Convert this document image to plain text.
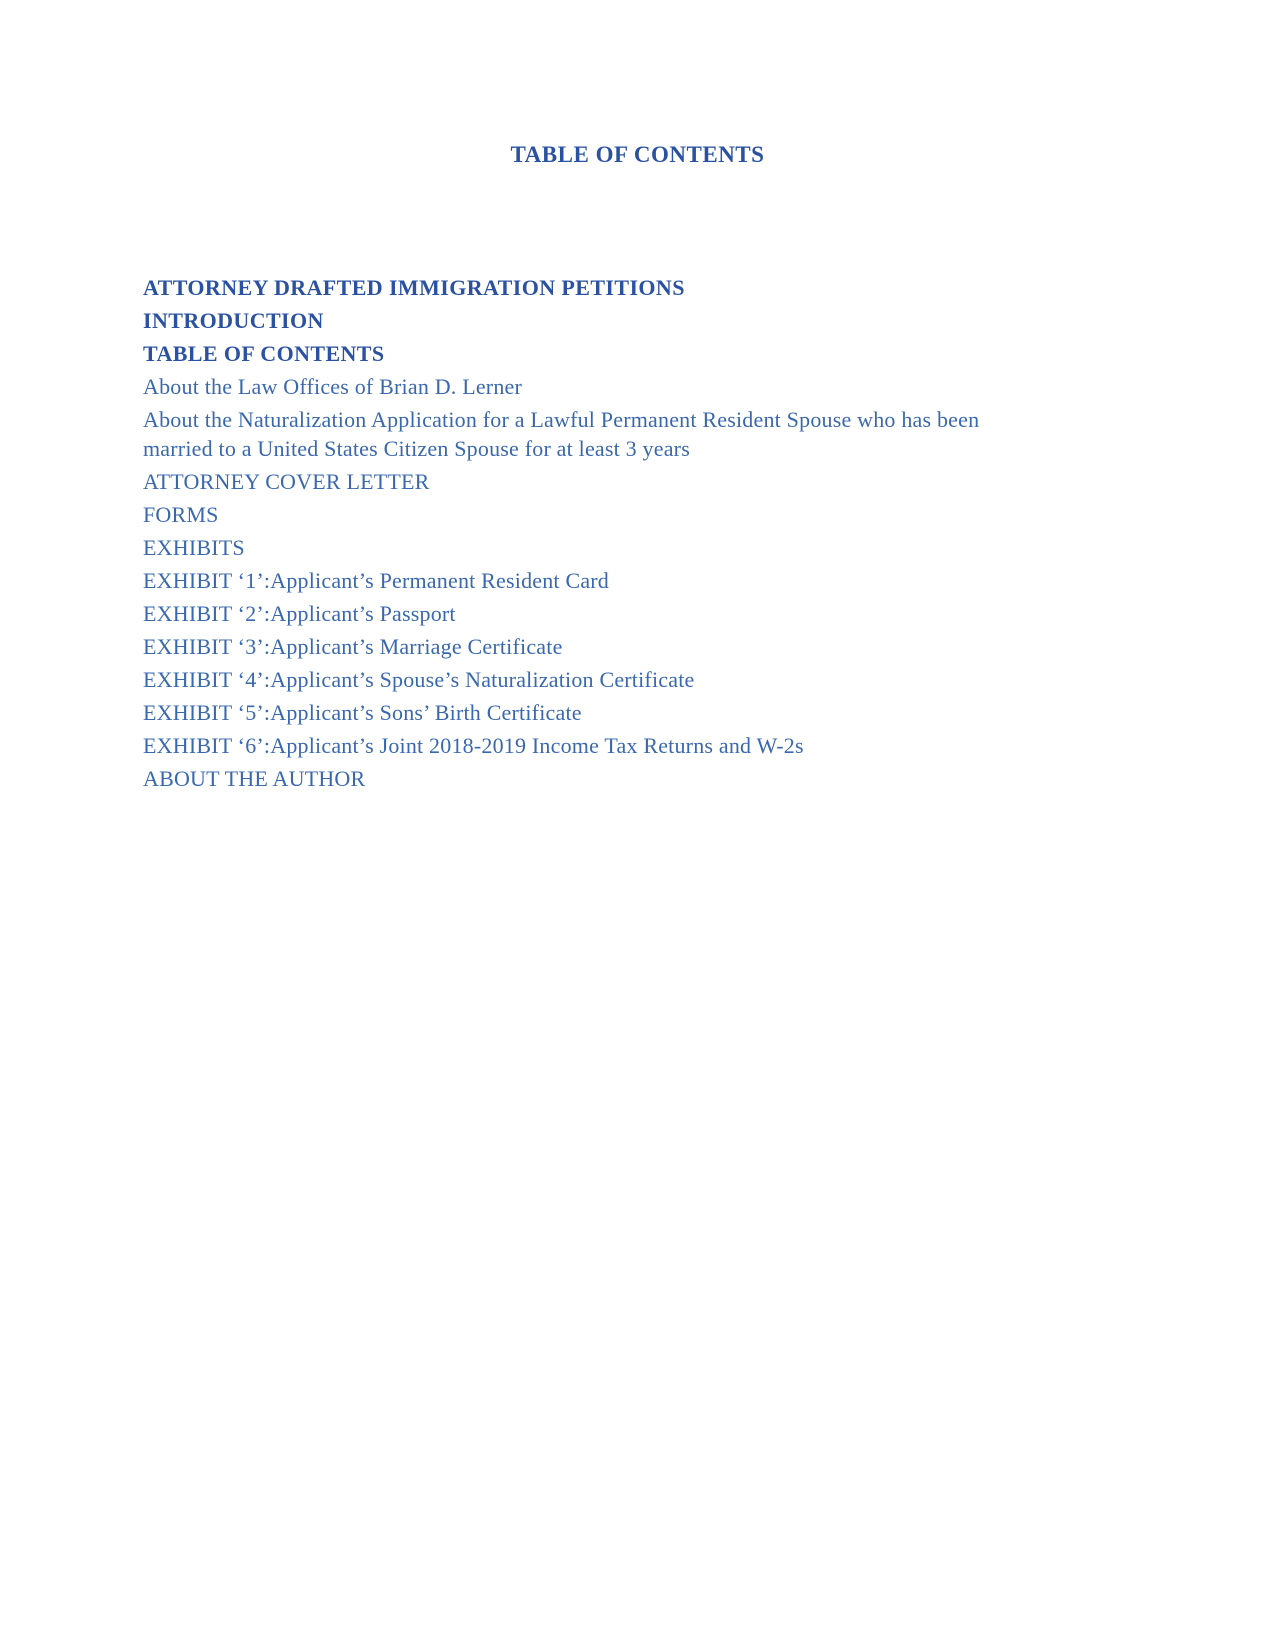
TABLE OF CONTENTS

ATTORNEY DRAFTED IMMIGRATION PETITIONS

INTRODUCTION

TABLE OF CONTENTS

About the Law Offices of Brian D. Lerner

About the Naturalization Application for a Lawful Permanent Resident Spouse who has been

married to a United States Citizen Spouse for at least 3 years

ATTORNEY COVER LETTER

FORMS

EXHIBITS

EXHIBIT ‘1’:Applicant’s Permanent Resident Card

EXHIBIT ‘2’:Applicant’s Passport

EXHIBIT ‘3’:Applicant’s Marriage Certificate

EXHIBIT ‘4’:Applicant’s Spouse’s Naturalization Certificate

EXHIBIT ‘5’:Applicant’s Sons’ Birth Certificate

EXHIBIT ‘6’:Applicant’s Joint 2018-2019 Income Tax Returns and W-2s

ABOUT THE AUTHOR
